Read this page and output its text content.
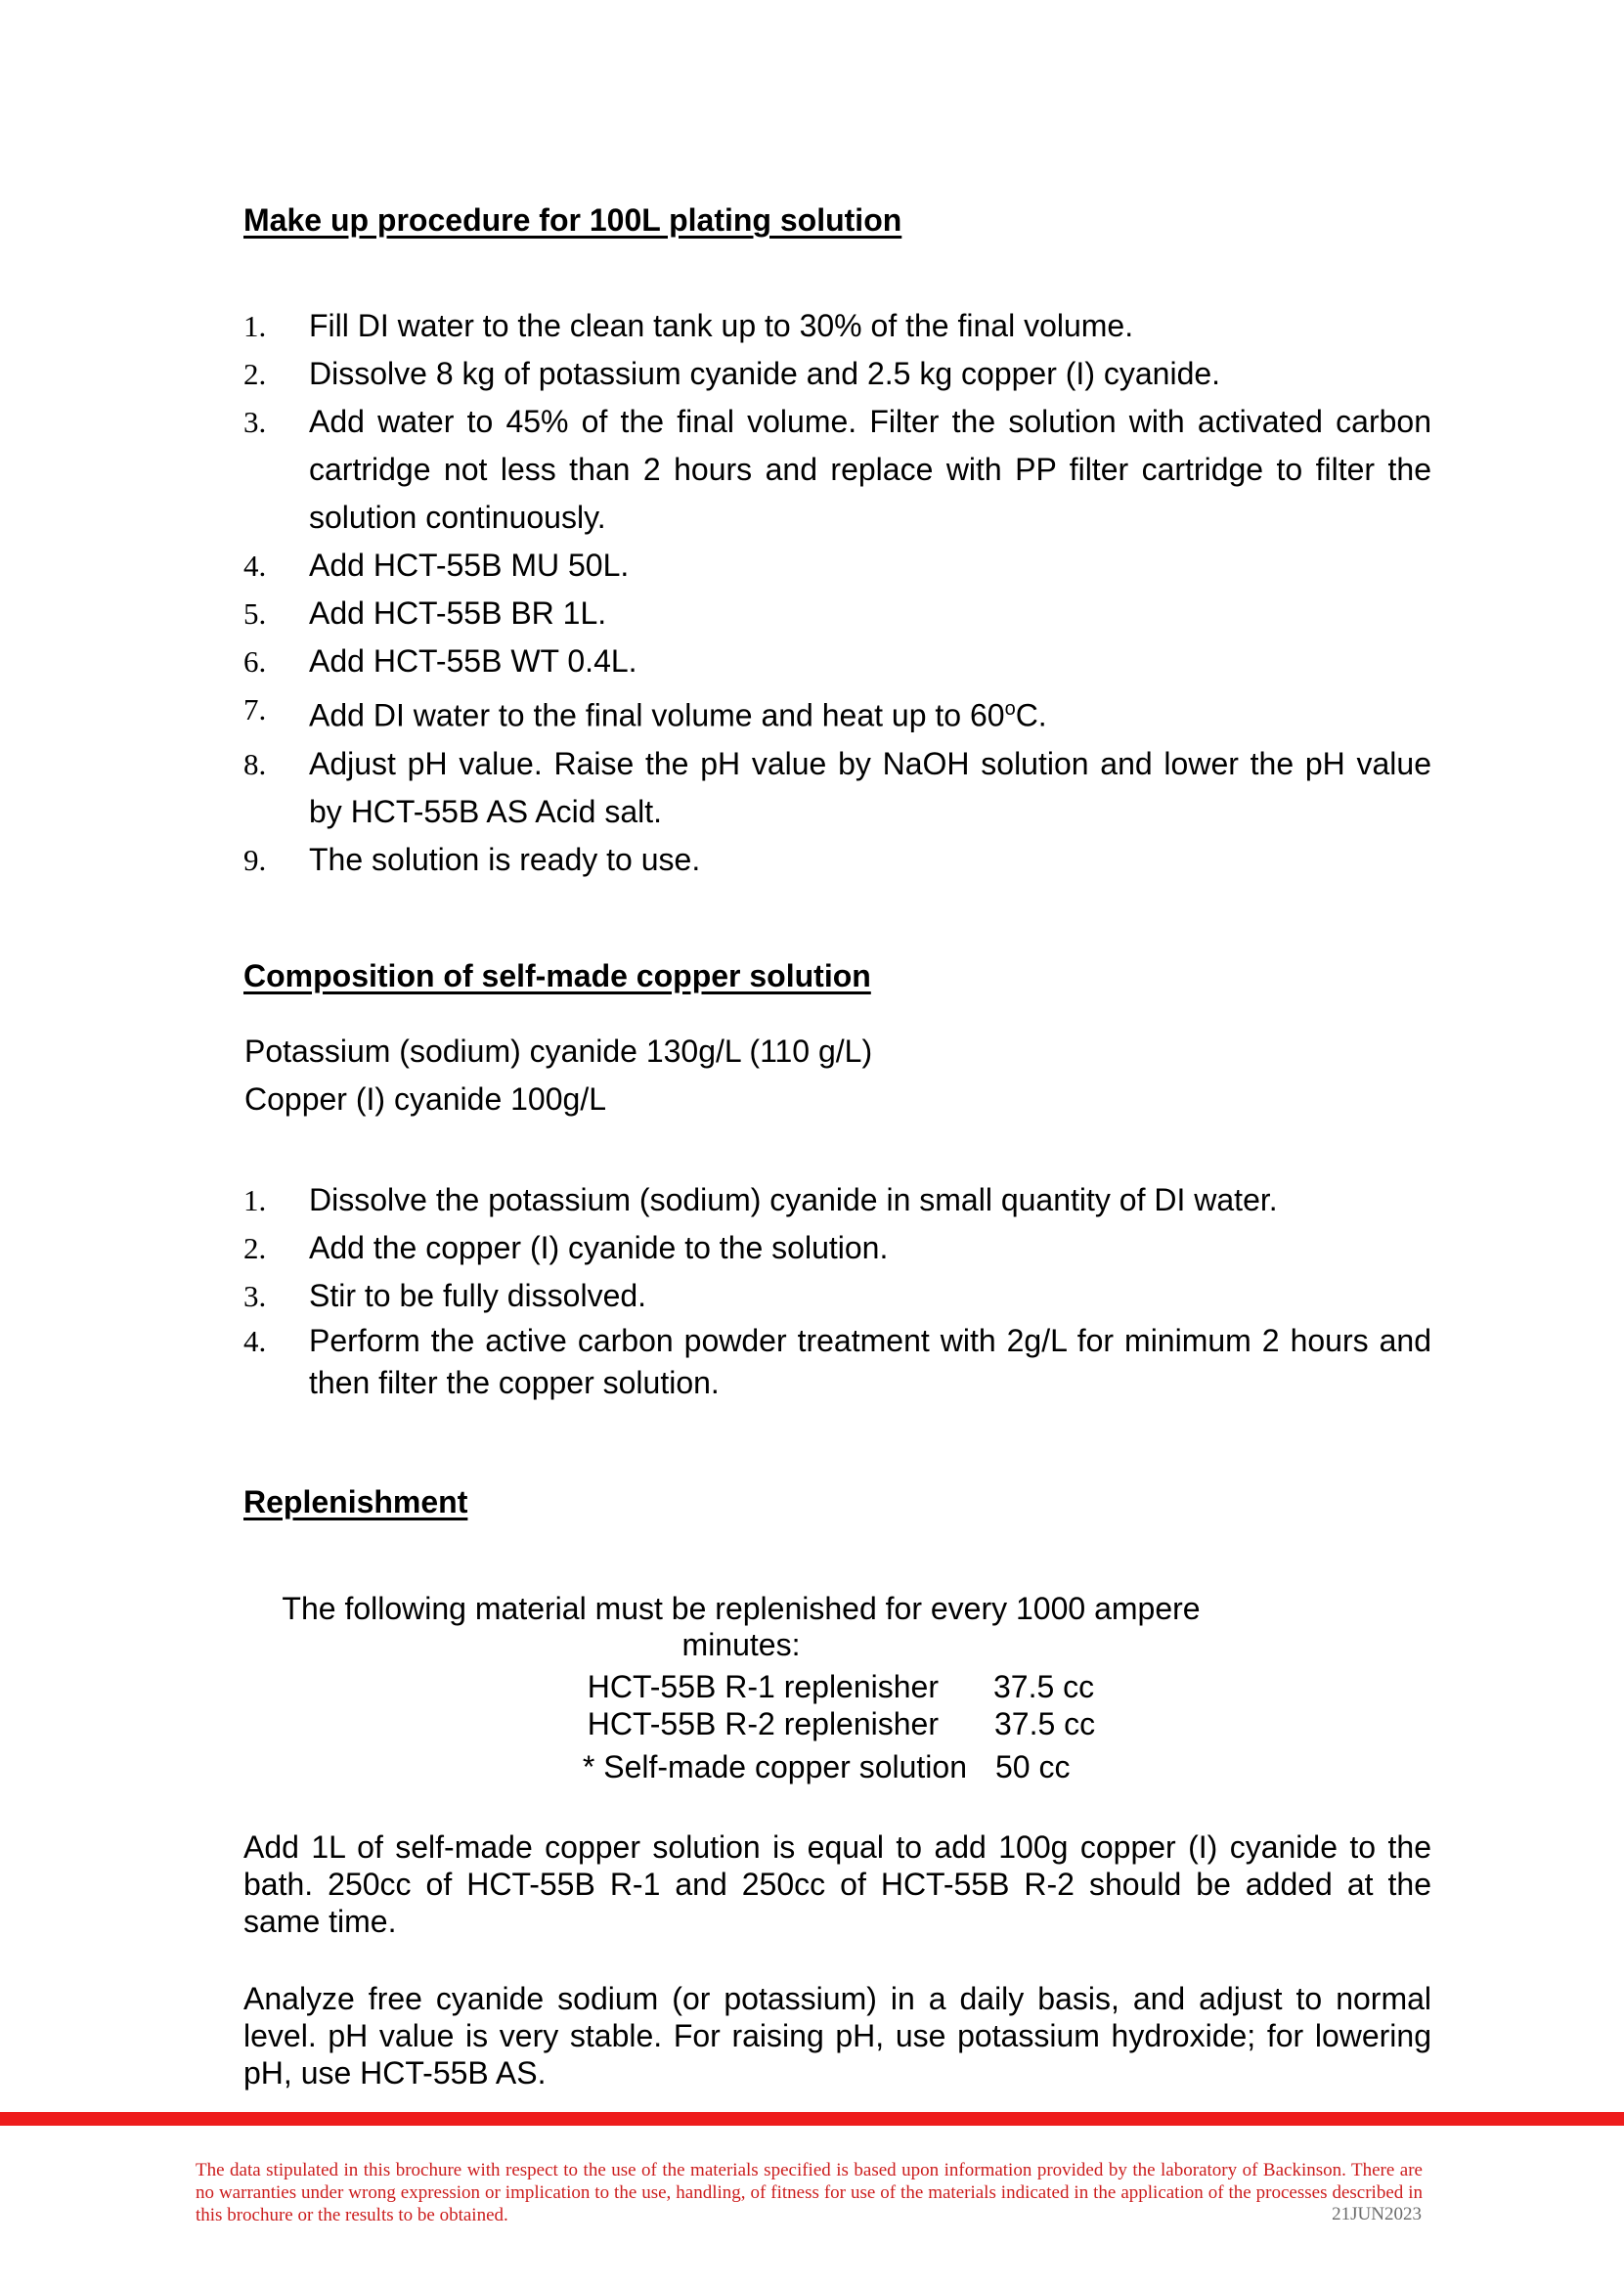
Make up procedure for 100L plating solution
1. Fill DI water to the clean tank up to 30% of the final volume.
2. Dissolve 8 kg of potassium cyanide and 2.5 kg copper (I) cyanide.
3. Add water to 45% of the final volume. Filter the solution with activated carbon cartridge not less than 2 hours and replace with PP filter cartridge to filter the solution continuously.
4. Add HCT-55B MU 50L.
5. Add HCT-55B BR 1L.
6. Add HCT-55B WT 0.4L.
7. Add DI water to the final volume and heat up to 60$^o$C.
8. Adjust pH value. Raise the pH value by NaOH solution and lower the pH value by HCT-55B AS Acid salt.
9. The solution is ready to use.
Composition of self-made copper solution

Potassium (sodium) cyanide 130g/L (110 g/L)

Copper (I) cyanide 100g/L

1. Dissolve the potassium (sodium) cyanide in small quantity of DI water.
2. Add the copper (I) cyanide to the solution.
3. Stir to be fully dissolved.
4. Perform the active carbon powder treatment with 2g/L for minimum 2 hours and then filter the copper solution.
Replenishment

The following material must be replenished for every 1000 ampere minutes:

HCT-55B R-1 replenisher 37.5 cc
HCT-55B R-2 replenisher 37.5 cc
* Self-made copper solution 50 cc

Add 1L of self-made copper solution is equal to add 100g copper (I) cyanide to the bath. 250cc of HCT-55B R-1 and 250cc of HCT-55B R-2 should be added at the same time.

Analyze free cyanide sodium (or potassium) in a daily basis, and adjust to normal level. pH value is very stable. For raising pH, use potassium hydroxide; for lowering pH, use HCT-55B AS.

The data stipulated in this brochure with respect to the use of the materials specified is based upon information provided by the laboratory of Backinson. There are no warranties under wrong expression or implication to the use, handling, of fitness for use of the materials indicated in the application of the processes described in this brochure or the results to be obtained.	21JUN2023
